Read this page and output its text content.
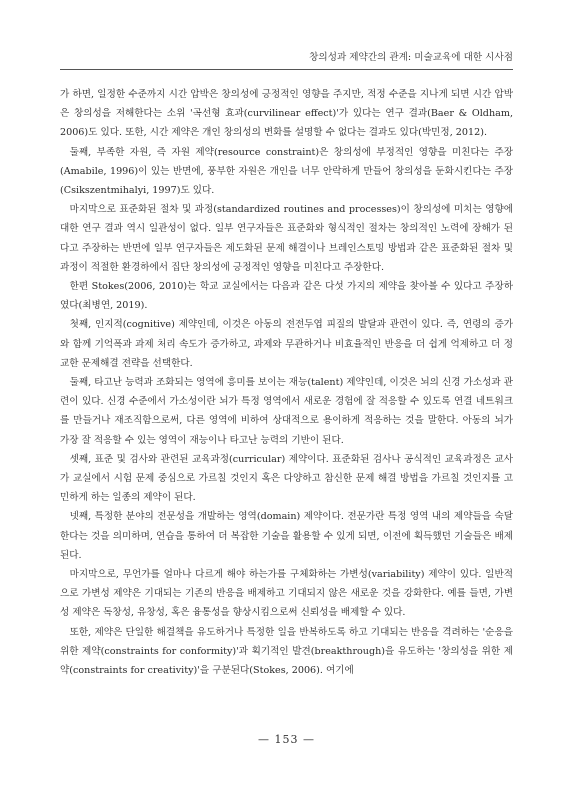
창의성과 제약간의 관계: 미술교육에 대한 시사점

가 하면, 일정한 수준까지 시간 압박은 창의성에 긍정적인 영향을 주지만, 적정 수준을 지나게 되면 시간 압박은 창의성을 저해한다는 소위 '곡선형 효과(curvilinear effect)'가 있다는 연구 결과(Baer & Oldham, 2006)도 있다. 또한, 시간 제약은 개인 창의성의 변화를 설명할 수 없다는 결과도 있다(박민정, 2012).

둘째, 부족한 자원, 즉 자원 제약(resource constraint)은 창의성에 부정적인 영향을 미친다는 주장(Amabile, 1996)이 있는 반면에, 풍부한 자원은 개인을 너무 안락하게 만들어 창의성을 둔화시킨다는 주장(Csikszentmihalyi, 1997)도 있다.

마지막으로 표준화된 절차 및 과정(standardized routines and processes)이 창의성에 미치는 영향에 대한 연구 결과 역시 일관성이 없다. 일부 연구자들은 표준화와 형식적인 절차는 창의적인 노력에 장해가 된다고 주장하는 반면에 일부 연구자들은 제도화된 문제 해결이나 브레인스토밍 방법과 같은 표준화된 절차 및 과정이 적절한 환경하에서 집단 창의성에 긍정적인 영향을 미친다고 주장한다.

한편 Stokes(2006, 2010)는 학교 교실에서는 다음과 같은 다섯 가지의 제약을 찾아볼 수 있다고 주장하였다(최병연, 2019).

첫째, 인지적(cognitive) 제약인데, 이것은 아동의 전전두엽 피질의 발달과 관련이 있다. 즉, 연령의 증가와 함께 기억폭과 과제 처리 속도가 증가하고, 과제와 무관하거나 비효율적인 반응을 더 쉽게 억제하고 더 정교한 문제해결 전략을 선택한다.

둘째, 타고난 능력과 조화되는 영역에 흥미를 보이는 재능(talent) 제약인데, 이것은 뇌의 신경 가소성과 관련이 있다. 신경 수준에서 가소성이란 뇌가 특정 영역에서 새로운 경험에 잘 적응할 수 있도록 연결 네트워크를 만들거나 재조직함으로써, 다른 영역에 비하여 상대적으로 용이하게 적응하는 것을 말한다. 아동의 뇌가 가장 잘 적응할 수 있는 영역이 재능이나 타고난 능력의 기반이 된다.

셋째, 표준 및 검사와 관련된 교육과정(curricular) 제약이다. 표준화된 검사나 공식적인 교육과정은 교사가 교실에서 시험 문제 중심으로 가르칠 것인지 혹은 다양하고 참신한 문제 해결 방법을 가르칠 것인지를 고민하게 하는 일종의 제약이 된다.

넷째, 특정한 분야의 전문성을 개발하는 영역(domain) 제약이다. 전문가란 특정 영역 내의 제약들을 숙달한다는 것을 의미하며, 연습을 통하여 더 복잡한 기술을 활용할 수 있게 되면, 이전에 획득했던 기술들은 배제된다.

마지막으로, 무언가를 얼마나 다르게 해야 하는가를 구체화하는 가변성(variability) 제약이 있다. 일반적으로 가변성 제약은 기대되는 기존의 반응을 배제하고 기대되지 않은 새로운 것을 강화한다. 예를 들면, 가변성 제약은 독창성, 유창성, 혹은 융통성을 향상시킴으로써 신뢰성을 배제할 수 있다.

또한, 제약은 단일한 해결책을 유도하거나 특정한 일을 반복하도록 하고 기대되는 반응을 격려하는 '순응을 위한 제약(constraints for conformity)'과 획기적인 발견(breakthrough)을 유도하는 '창의성을 위한 제약(constraints for creativity)'을 구분된다(Stokes, 2006). 여기에

— 153 —
